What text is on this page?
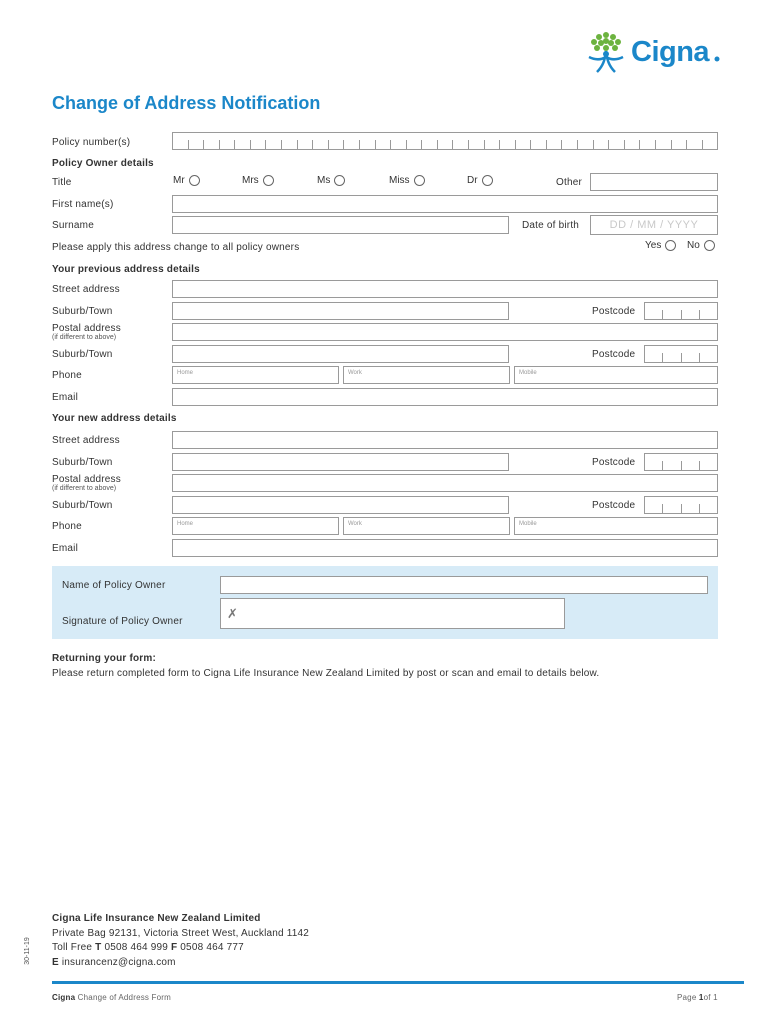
Cigna
Change of Address Notification
Policy number(s)
Policy Owner details
Title	Mr	Mrs	Ms	Miss	Dr	Other
First name(s)
Surname	Date of birth	DD / MM / YYYY
Please apply this address change to all policy owners	Yes	No
Your previous address details
Street address
Suburb/Town	Postcode
Postal address
(if different to above)
Suburb/Town	Postcode
Phone	Home	Work	Mobile
Email
Your new address details
Street address
Suburb/Town	Postcode
Postal address
(if different to above)
Suburb/Town	Postcode
Phone	Home	Work	Mobile
Email
Name of Policy Owner
Signature of Policy Owner
✗
Returning your form:
Please return completed form to Cigna Life Insurance New Zealand Limited by post or scan and email to details below.
Cigna Life Insurance New Zealand Limited
Private Bag 92131, Victoria Street West, Auckland 1142
Toll Free T 0508 464 999 F 0508 464 777
E insurancenz@cigna.com
30-11-19
Cigna Change of Address Form	Page 1of 1
